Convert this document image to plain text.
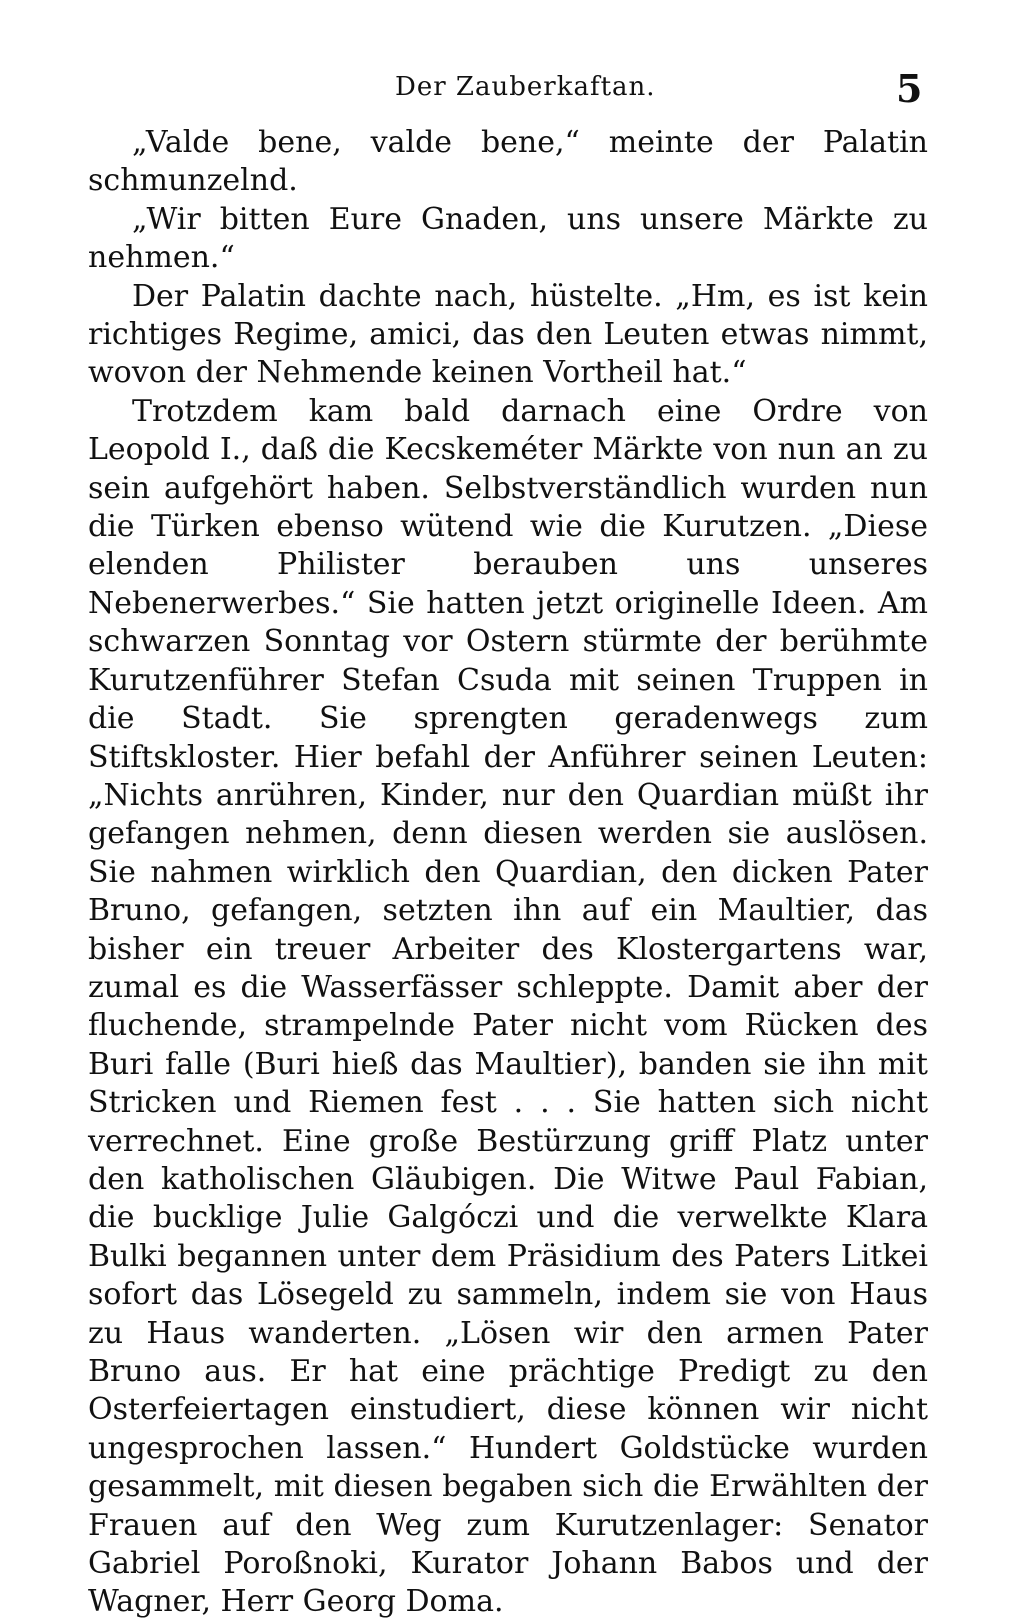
Der Zauberkaftan.	5

„Valde bene, valde bene,“ meinte der Palatin schmunzelnd.

„Wir bitten Eure Gnaden, uns unsere Märkte zu nehmen.“

Der Palatin dachte nach, hüstelte. „Hm, es ist kein richtiges Regime, amici, das den Leuten etwas nimmt, wovon der Nehmende keinen Vortheil hat.“

Trotzdem kam bald darnach eine Ordre von Leopold I., daß die Kecskeméter Märkte von nun an zu sein aufgehört haben. Selbstverständlich wurden nun die Türken ebenso wütend wie die Kurutzen. „Diese elenden Philister berauben uns unseres Nebenerwerbes.“ Sie hatten jetzt originelle Ideen. Am schwarzen Sonntag vor Ostern stürmte der berühmte Kurutzenführer Stefan Csuda mit seinen Truppen in die Stadt. Sie sprengten geradenwegs zum Stiftskloster. Hier befahl der Anführer seinen Leuten: „Nichts anrühren, Kinder, nur den Quardian müßt ihr gefangen nehmen, denn diesen werden sie auslösen. Sie nahmen wirklich den Quardian, den dicken Pater Bruno, gefangen, setzten ihn auf ein Maultier, das bisher ein treuer Arbeiter des Klostergartens war, zumal es die Wasserfässer schleppte. Damit aber der fluchende, strampelnde Pater nicht vom Rücken des Buri falle (Buri hieß das Maultier), banden sie ihn mit Stricken und Riemen fest . . . Sie hatten sich nicht verrechnet. Eine große Bestürzung griff Platz unter den katholischen Gläubigen. Die Witwe Paul Fabian, die bucklige Julie Galgóczi und die verwelkte Klara Bulki begannen unter dem Präsidium des Paters Litkei sofort das Lösegeld zu sammeln, indem sie von Haus zu Haus wanderten. „Lösen wir den armen Pater Bruno aus. Er hat eine prächtige Predigt zu den Osterfeiertagen einstudiert, diese können wir nicht ungesprochen lassen.“ Hundert Goldstücke wurden gesammelt, mit diesen begaben sich die Erwählten der Frauen auf den Weg zum Kurutzenlager: Senator Gabriel Poroßnoki, Kurator Johann Babos und der Wagner, Herr Georg Doma.
